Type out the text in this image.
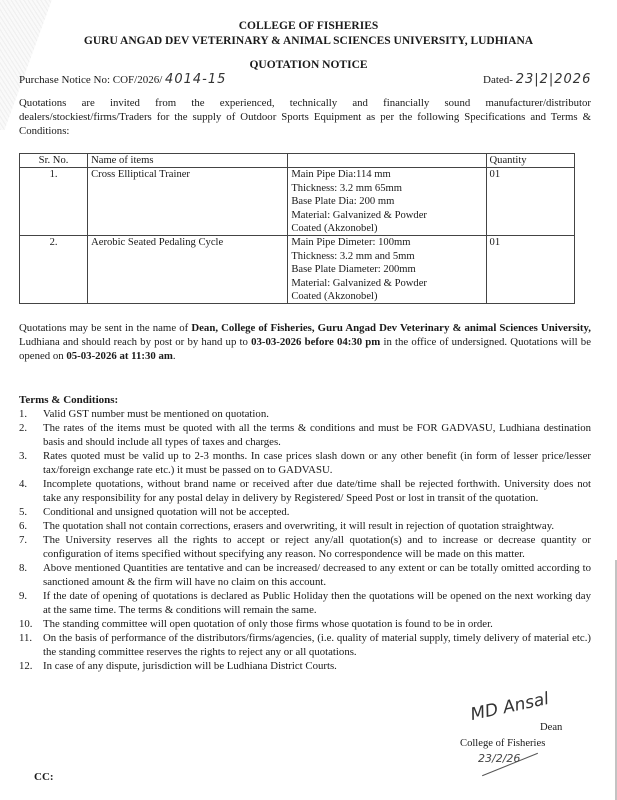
COLLEGE OF FISHERIES
GURU ANGAD DEV VETERINARY & ANIMAL SCIENCES UNIVERSITY, LUDHIANA
QUOTATION NOTICE
Purchase Notice No: COF/2026/ 4014-15	Dated- 23|2|2026
Quotations are invited from the experienced, technically and financially sound manufacturer/distributor dealers/stockiest/firms/Traders for the supply of Outdoor Sports Equipment as per the following Specifications and Terms & Conditions:
Sr. No.	Name of items		Quantity
1.	Cross Elliptical Trainer	Main Pipe Dia:114 mm
Thickness: 3.2 mm 65mm
Base Plate Dia: 200 mm
Material: Galvanized & Powder
Coated (Akzonobel)	01
2.	Aerobic Seated Pedaling Cycle	Main Pipe Dimeter: 100mm
Thickness: 3.2 mm and 5mm
Base Plate Diameter: 200mm
Material: Galvanized & Powder
Coated (Akzonobel)	01
Quotations may be sent in the name of Dean, College of Fisheries, Guru Angad Dev Veterinary & animal Sciences University, Ludhiana and should reach by post or by hand up to 03-03-2026 before 04:30 pm in the office of undersigned. Quotations will be opened on 05-03-2026 at 11:30 am.
Terms & Conditions:
1. Valid GST number must be mentioned on quotation.
2. The rates of the items must be quoted with all the terms & conditions and must be FOR GADVASU, Ludhiana destination basis and should include all types of taxes and charges.
3. Rates quoted must be valid up to 2-3 months. In case prices slash down or any other benefit (in form of lesser price/lesser tax/foreign exchange rate etc.) it must be passed on to GADVASU.
4. Incomplete quotations, without brand name or received after due date/time shall be rejected forthwith. University does not take any responsibility for any postal delay in delivery by Registered/ Speed Post or lost in transit of the quotation.
5. Conditional and unsigned quotation will not be accepted.
6. The quotation shall not contain corrections, erasers and overwriting, it will result in rejection of quotation straightway.
7. The University reserves all the rights to accept or reject any/all quotation(s) and to increase or decrease quantity or configuration of items specified without specifying any reason. No correspondence will be made on this matter.
8. Above mentioned Quantities are tentative and can be increased/ decreased to any extent or can be totally omitted according to sanctioned amount & the firm will have no claim on this account.
9. If the date of opening of quotations is declared as Public Holiday then the quotations will be opened on the next working day at the same time. The terms & conditions will remain the same.
10. The standing committee will open quotation of only those firms whose quotation is found to be in order.
11. On the basis of performance of the distributors/firms/agencies, (i.e. quality of material supply, timely delivery of material etc.) the standing committee reserves the rights to reject any or all quotations.
12. In case of any dispute, jurisdiction will be Ludhiana District Courts.
MD Ansal
Dean
College of Fisheries
23/2/26
CC:
